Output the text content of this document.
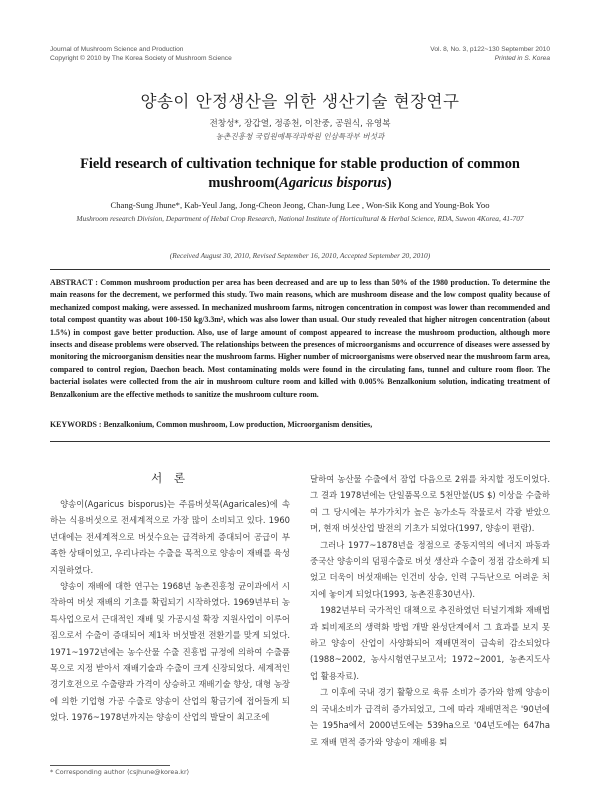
Journal of Mushroom Science and Production
Copyright © 2010 by The Korea Society of Mushroom Science
Vol. 8, No. 3, p122~130 September 2010
Printed in S. Korea
양송이 안정생산을 위한 생산기술 현장연구
전창성*, 장갑열, 정종천, 이찬중, 공원식, 유영복
농촌진흥청 국립원예특작과학원 인삼특작부 버섯과
Field research of cultivation technique for stable production of common mushroom(Agaricus bisporus)
Chang-Sung Jhune*, Kab-Yeul Jang, Jong-Cheon Jeong, Chan-Jung Lee , Won-Sik Kong and Young-Bok Yoo
Mushroom research Division, Department of Hebal Crop Research, National Institute of Horticultural & Herbal Science, RDA, Suwon 4Korea, 41-707
(Received August 30, 2010, Revised September 16, 2010, Accepted September 20, 2010)

ABSTRACT : Common mushroom production per area has been decreased and are up to less than 50% of the 1980 production. To determine the main reasons for the decrement, we performed this study. Two main reasons, which are mushroom disease and the low compost quality because of mechanized compost making, were assessed. In mechanized mushroom farms, nitrogen concentration in compost was lower than recommended and total compost quantity was about 100-150 kg/3.3m², which was also lower than usual. Our study revealed that higher nitrogen concentration (about 1.5%) in compost gave better production. Also, use of large amount of compost appeared to increase the mushroom production, although more insects and disease problems were observed. The relationships between the presences of microorganisms and occurrence of diseases were assessed by monitoring the microorganism densities near the mushroom farms. Higher number of microorganisms were observed near the mushroom farm area, compared to control region, Daechon beach. Most contaminating molds were found in the circulating fans, tunnel and culture room floor. The bacterial isolates were collected from the air in mushroom culture room and killed with 0.005% Benzalkonium solution, indicating treatment of Benzalkonium are the effective methods to sanitize the mushroom culture room.

KEYWORDS : Benzalkonium, Common mushroom, Low production, Microorganism densities,
서 론

양송이(Agaricus bisporus)는 주름버섯목(Agaricales)에 속하는 식용버섯으로 전세계적으로 가장 많이 소비되고 있다. 1960년대에는 전세계적으로 버섯수요는 급격하게 증대되어 공급이 부족한 상태이었고, 우리나라는 수출을 목적으로 양송이 재배를 육성 지원하였다.

양송이 재배에 대한 연구는 1968년 농촌진흥청 균이과에서 시작하여 버섯 재배의 기초를 확립되기 시작하였다. 1969년부터 농특사업으로서 근대적인 재배 및 가공시설 확장 지원사업이 이루어짐으로서 수출이 증대되어 제1차 버섯발전 전환기를 맞게 되었다. 1971~1972년에는 농수산물 수출 진흥법 규정에 의하여 수출품목으로 지정 받아서 재배기술과 수출이 크게 신장되었다. 세계적인 경기호전으로 수출량과 가격이 상승하고 재배기술 향상, 대형 농장에 의한 기업형 가공 수출로 양송이 산업의 황금기에 접어들게 되었다. 1976~1978년까지는 양송이 산업의 발달이 최고조에

달하여 농산물 수출에서 잠업 다음으로 2위를 차지할 정도이었다. 그 결과 1978년에는 단일품목으로 5천만불(US $) 이상을 수출하여 그 당시에는 부가가치가 높은 농가소득 작물로서 각광 받았으며, 현재 버섯산업 발전의 기초가 되었다(1997, 양송이 편람).

그러나 1977~1878년을 정점으로 중동지역의 에너지 파동과 중국산 양송이의 덤핑수출로 버섯 생산과 수출이 정점 감소하게 되었고 더욱이 버섯재배는 인건비 상승, 인력 구득난으로 어려운 처지에 놓이게 되었다(1993, 농촌진흥30년사).

1982년부터 국가적인 대책으로 추진하였던 터널기계화 재배법과 퇴비제조의 생력화 방법 개발 완성단계에서 그 효과를 보지 못하고 양송이 산업이 사양화되어 재배면적이 급속히 감소되었다(1988~2002, 농사시험연구보고서; 1972~2001, 농촌지도사업 활용자료).

그 이후에 국내 경기 활황으로 육류 소비가 증가와 함께 양송이의 국내소비가 급격히 증가되었고, 그에 따라 재배면적은 '90년에는 195ha에서 2000년도에는 539ha으로 '04년도에는 647ha로 재배 면적 증가와 양송이 재배용 퇴

* Corresponding author ⟨csjhune@korea.kr⟩
